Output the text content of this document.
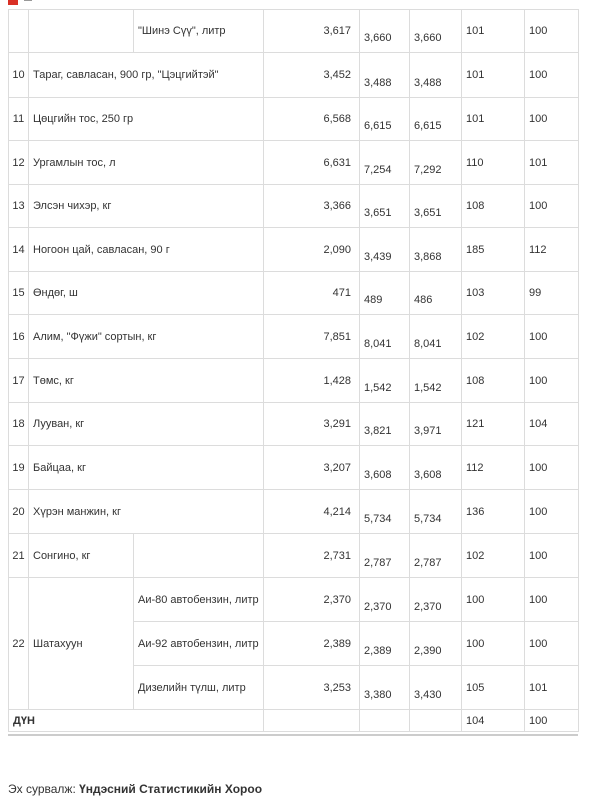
		"Шинэ Сүү", литр	3,617	3,660	3,660	101	100
10	Тараг, савласан, 900 гр, "Цэцгийтэй"		3,452	3,488	3,488	101	100
11	Цөцгийн тос, 250 гр		6,568	6,615	6,615	101	100
12	Ургамлын тос, л		6,631	7,254	7,292	110	101
13	Элсэн чихэр, кг		3,366	3,651	3,651	108	100
14	Ногоон цай, савласан, 90 г		2,090	3,439	3,868	185	112
15	Өндөг, ш		471	489	486	103	99
16	Алим, "Фүжи" сортын, кг		7,851	8,041	8,041	102	100
17	Төмс, кг		1,428	1,542	1,542	108	100
18	Лууван, кг		3,291	3,821	3,971	121	104
19	Байцаа, кг		3,207	3,608	3,608	112	100
20	Хүрэн манжин, кг		4,214	5,734	5,734	136	100
21	Сонгино, кг		2,731	2,787	2,787	102	100
22	Шатахуун	Аи-80 автобензин, литр	2,370	2,370	2,370	100	100
		Аи-92 автобензин, литр	2,389	2,389	2,390	100	100
		Дизелийн түлш, литр	3,253	3,380	3,430	105	101
ДҮН						104	100
Эх сурвалж: Үндэсний Статистикийн Хороо
